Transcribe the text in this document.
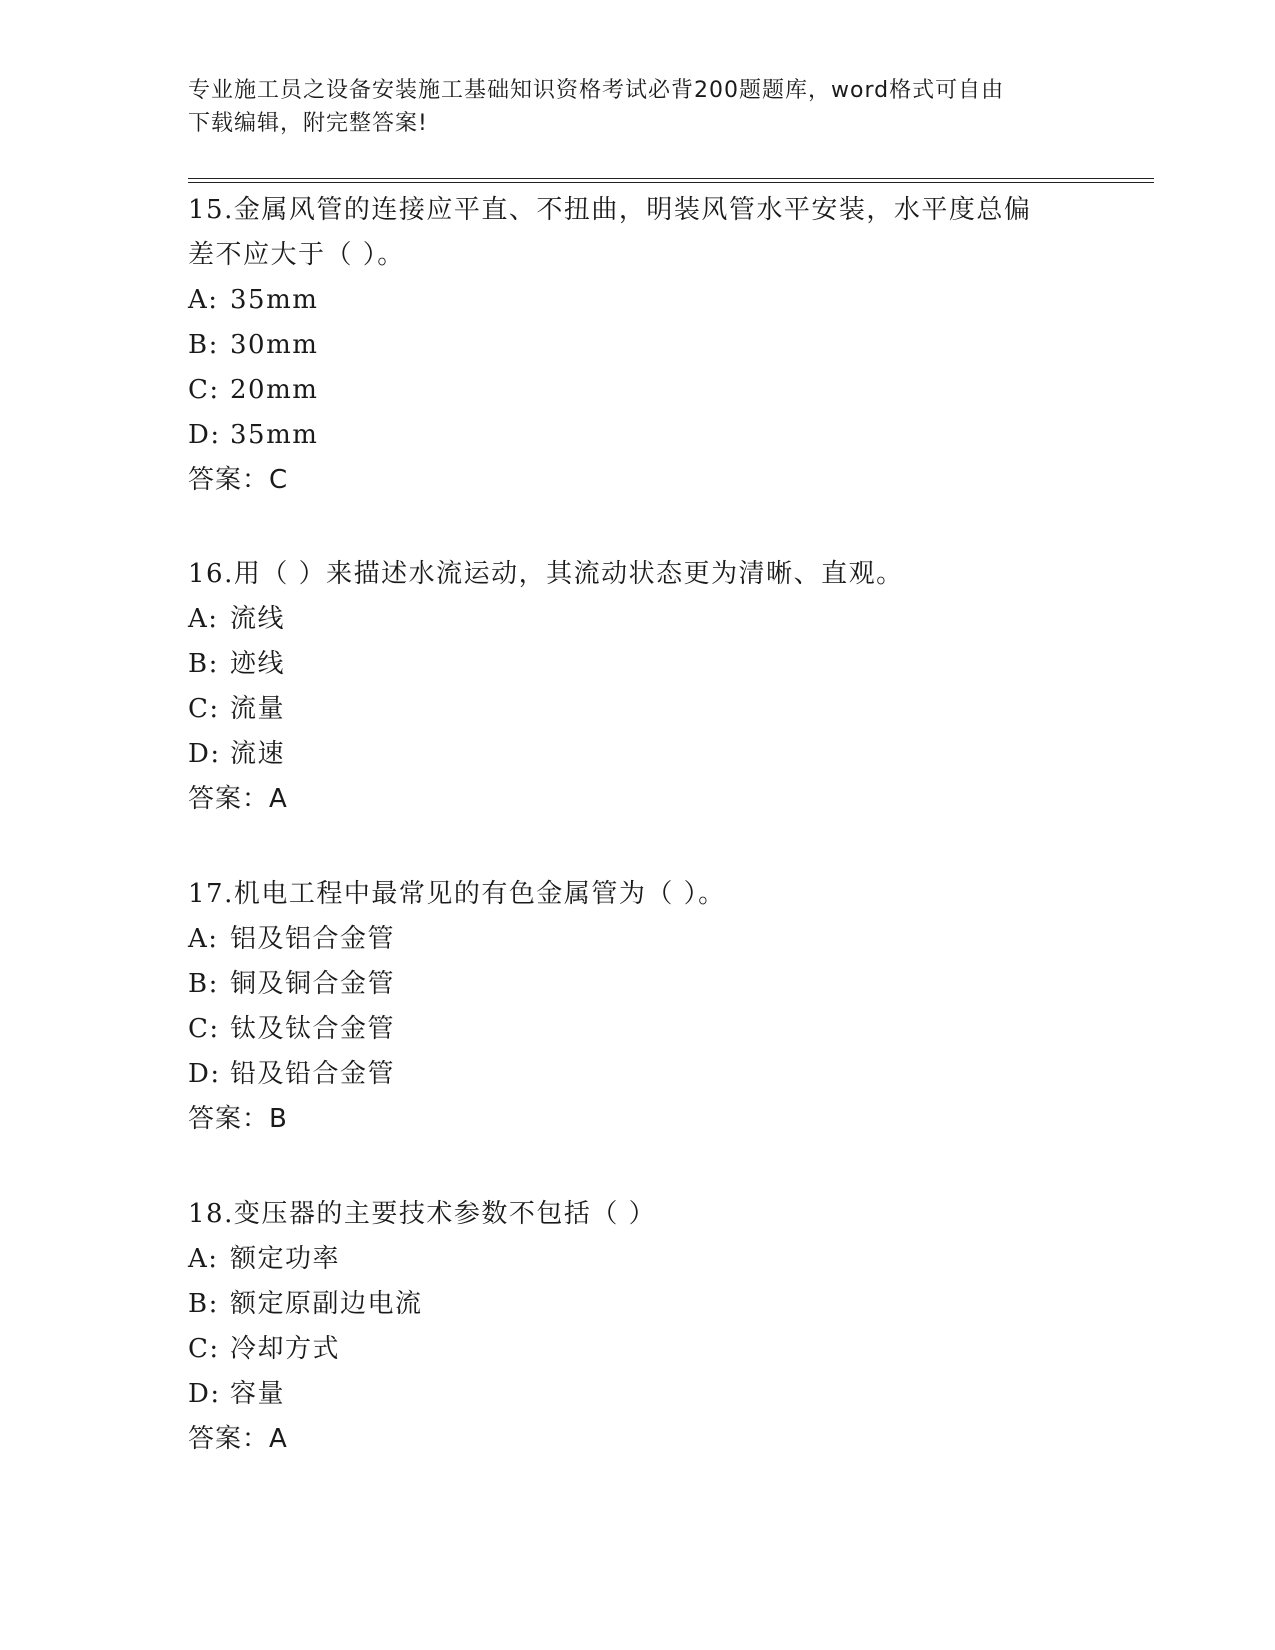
专业施工员之设备安装施工基础知识资格考试必背200题题库，word格式可自由
下载编辑，附完整答案!
15.金属风管的连接应平直、不扭曲，明装风管水平安装，水平度总偏
差不应大于（ ）。
A: 35mm
B: 30mm
C: 20mm
D: 35mm
答案：C
16.用（ ）来描述水流运动，其流动状态更为清晰、直观。
A: 流线
B: 迹线
C: 流量
D: 流速
答案：A
17.机电工程中最常见的有色金属管为（ ）。
A: 铝及铝合金管
B: 铜及铜合金管
C: 钛及钛合金管
D: 铅及铅合金管
答案：B
18.变压器的主要技术参数不包括（ ）
A: 额定功率
B: 额定原副边电流
C: 冷却方式
D: 容量
答案：A
